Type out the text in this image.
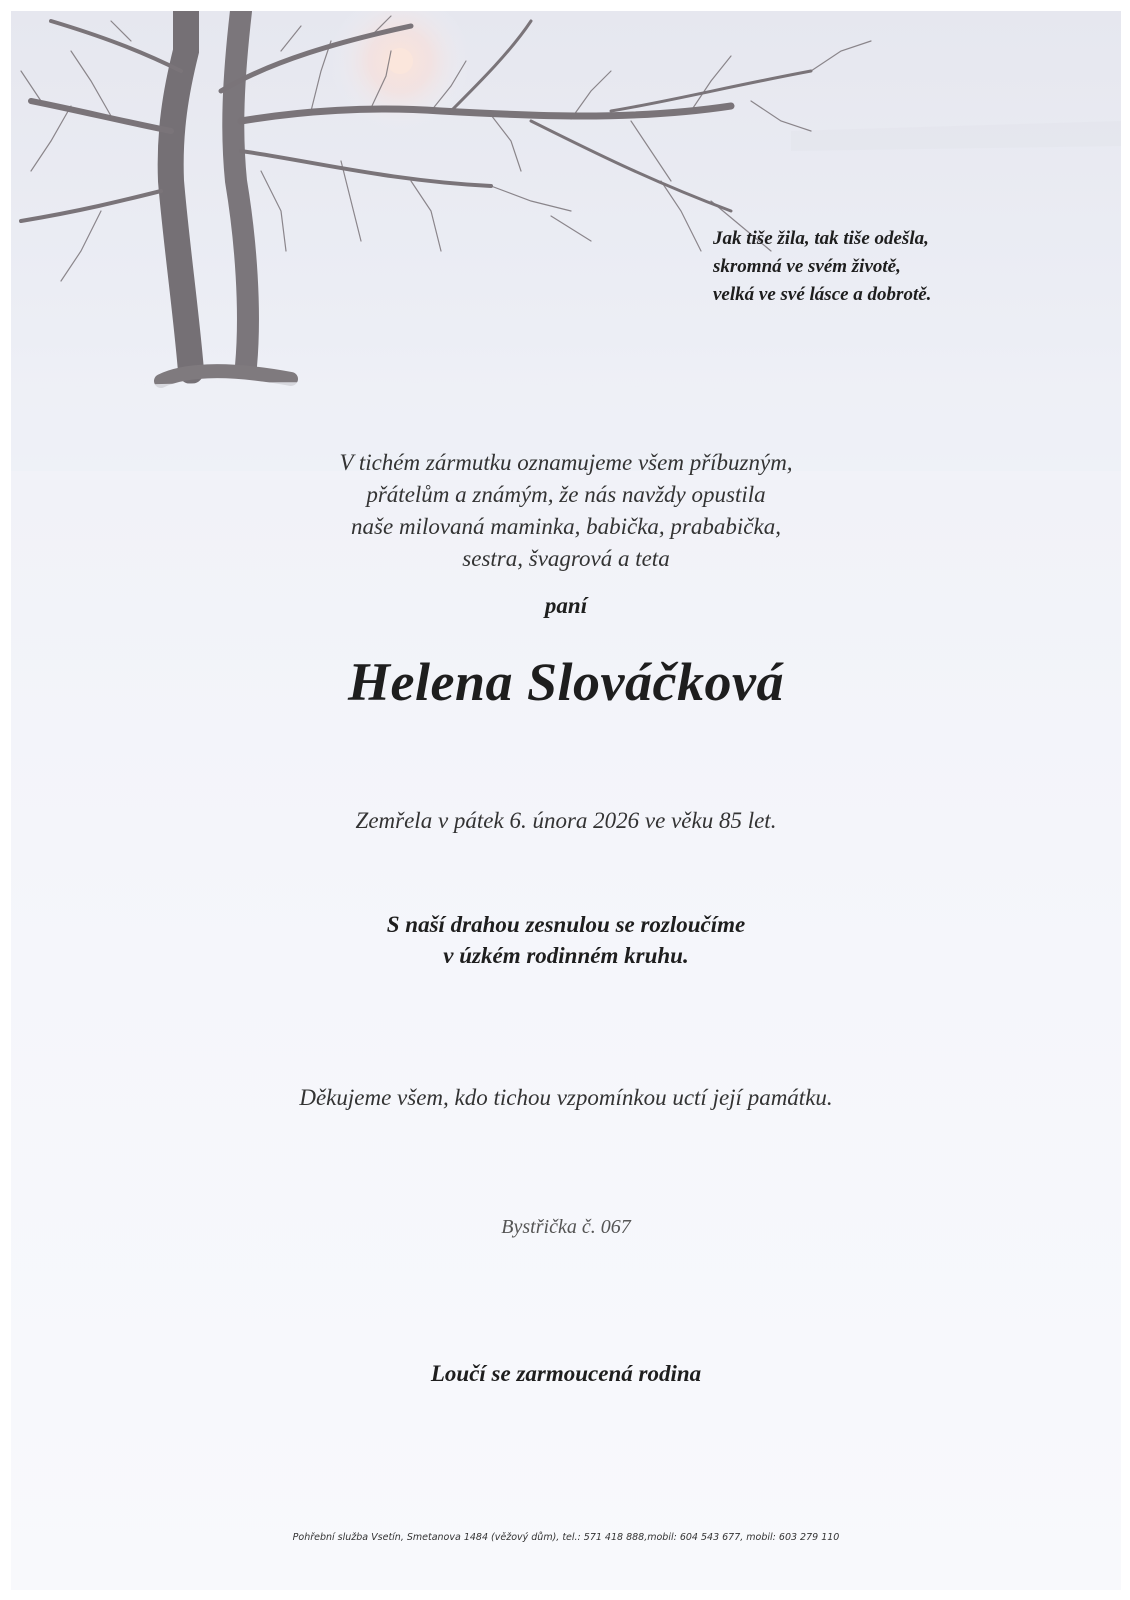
Jak tiše žila, tak tiše odešla,
skromná ve svém životě,
velká ve své lásce a dobrotě.
V tichém zármutku oznamujeme všem příbuzným,
přátelům a známým, že nás navždy opustila
naše milovaná maminka, babička, prababička,
sestra, švagrová a teta
paní
Helena Slováčková
Zemřela v pátek 6. února 2026 ve věku 85 let.
S naší drahou zesnulou se rozloučíme
v úzkém rodinném kruhu.
Děkujeme všem, kdo tichou vzpomínkou uctí její památku.
Bystřička č. 067
Loučí se zarmoucená rodina
Pohřební služba Vsetín, Smetanova 1484 (věžový dům), tel.: 571 418 888,mobil: 604 543 677, mobil: 603 279 110
